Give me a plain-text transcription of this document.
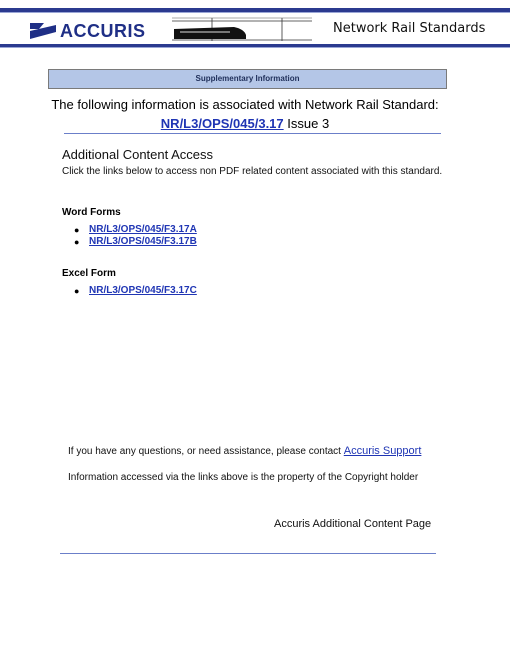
ACCURIS	Network Rail Standards
Supplementary Information
The following information is associated with Network Rail Standard:
NR/L3/OPS/045/3.17 Issue 3
Additional Content Access
Click the links below to access non PDF related content associated with this standard.
Word Forms
● NR/L3/OPS/045/F3.17A
● NR/L3/OPS/045/F3.17B
Excel Form
● NR/L3/OPS/045/F3.17C
If you have any questions, or need assistance, please contact Accuris Support
Information accessed via the links above is the property of the Copyright holder
Accuris Additional Content Page
